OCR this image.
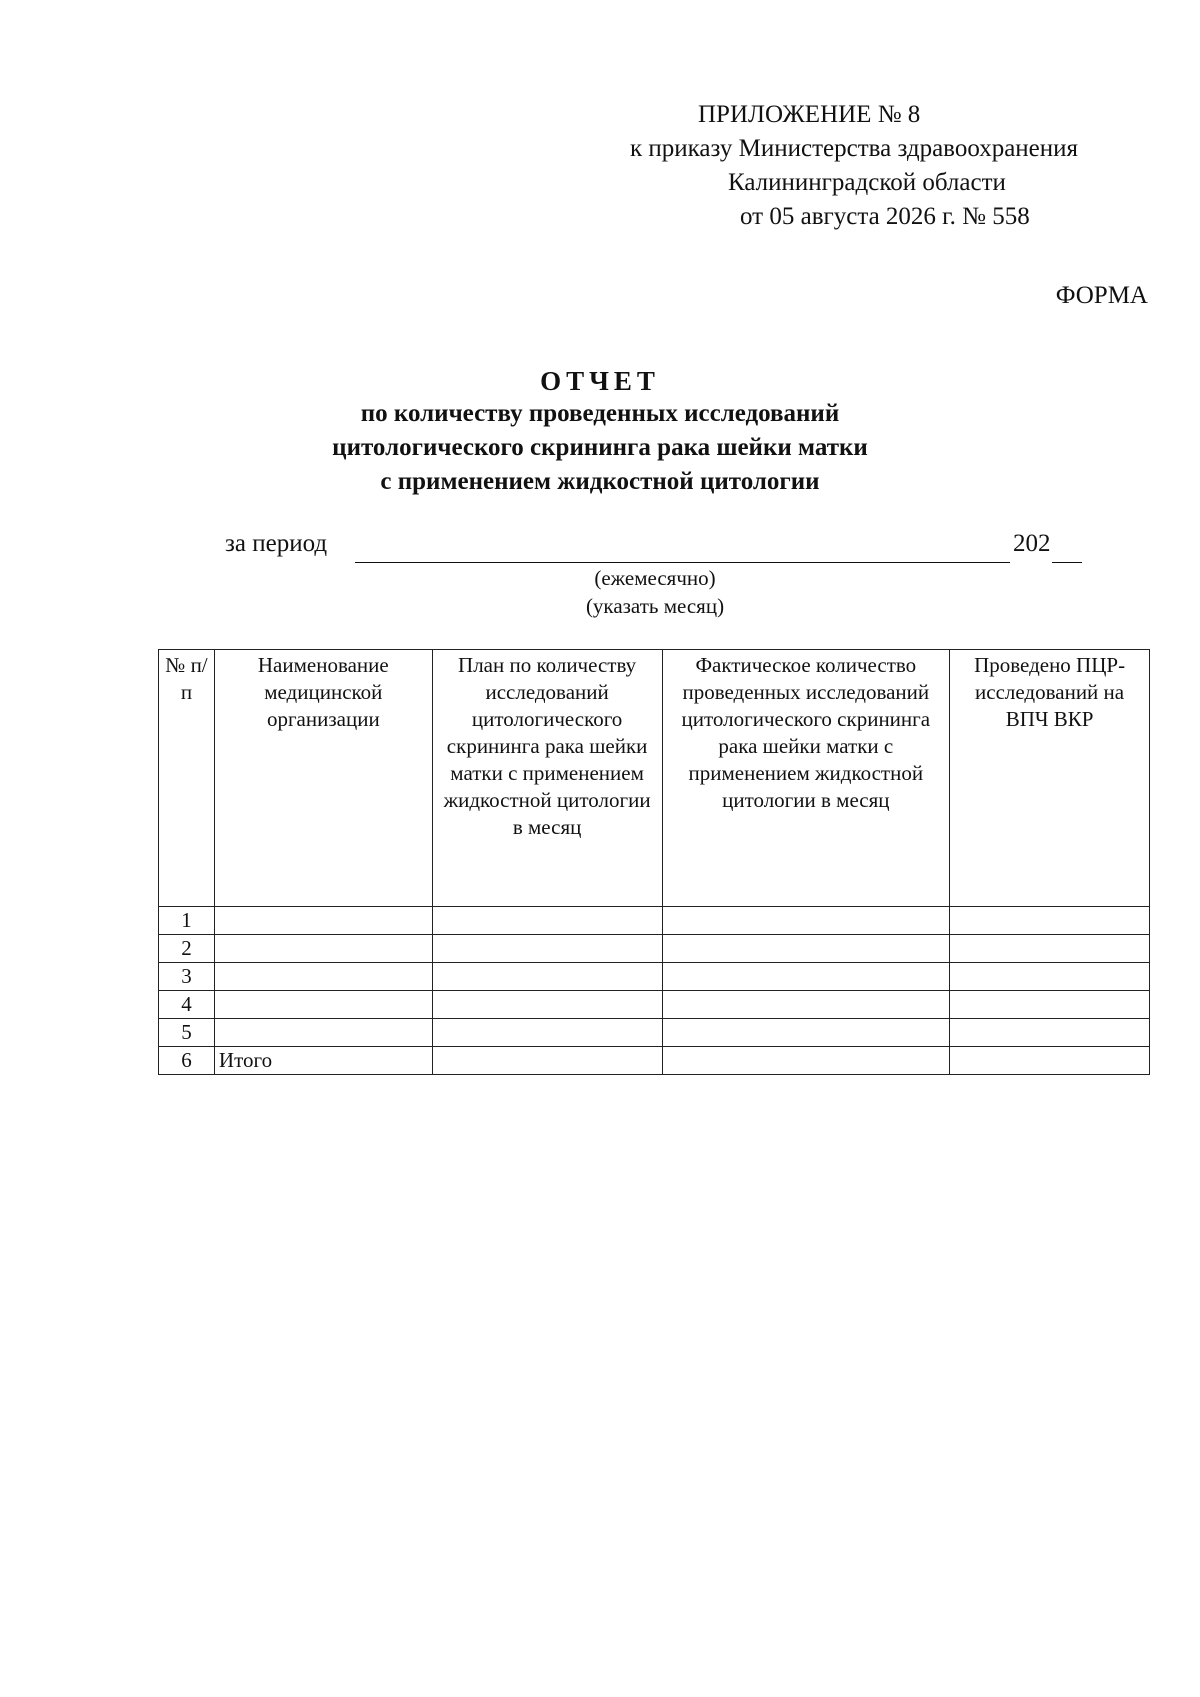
ПРИЛОЖЕНИЕ № 8
к приказу Министерства здравоохранения
Калининградской области
от 05 августа 2026 г. № 558
ФОРМА
ОТЧЕТ
по количеству проведенных исследований
цитологического скрининга рака шейки матки
с применением жидкостной цитологии
за период	202
(ежемесячно)
(указать месяц)
№ п/п	Наименование медицинской организации	План по количеству исследований цитологического скрининга рака шейки матки с применением жидкостной цитологии в месяц	Фактическое количество проведенных исследований цитологического скрининга рака шейки матки с применением жидкостной цитологии в месяц	Проведено ПЦР-исследований на ВПЧ ВКР
1				
2				
3				
4				
5				
6	Итого			
